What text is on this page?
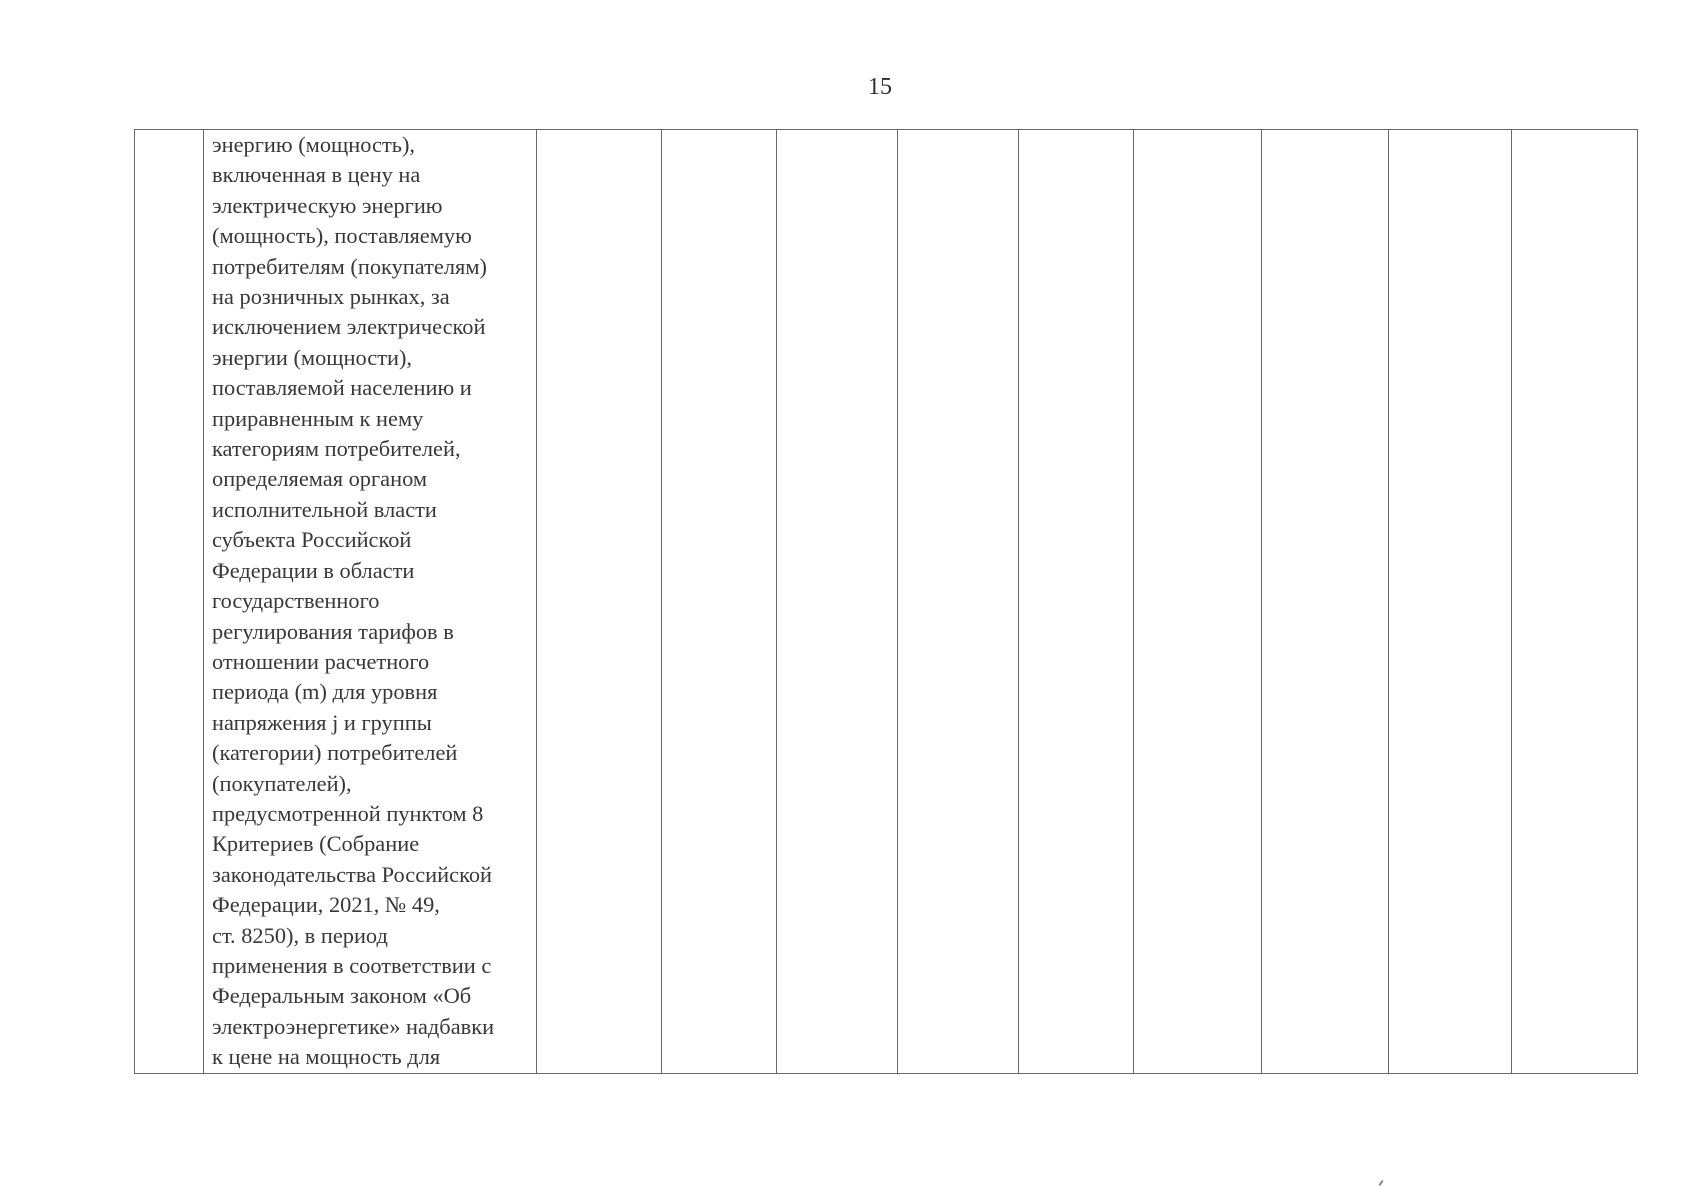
15

энергию (мощность),
включенная в цену на
электрическую энергию
(мощность), поставляемую
потребителям (покупателям)
на розничных рынках, за
исключением электрической
энергии (мощности),
поставляемой населению и
приравненным к нему
категориям потребителей,
определяемая органом
исполнительной власти
субъекта Российской
Федерации в области
государственного
регулирования тарифов в
отношении расчетного
периода (m) для уровня
напряжения j и группы
(категории) потребителей
(покупателей),
предусмотренной пунктом 8
Критериев (Собрание
законодательства Российской
Федерации, 2021, № 49,
ст. 8250), в период
применения в соответствии с
Федеральным законом «Об
электроэнергетике» надбавки
к цене на мощность для
